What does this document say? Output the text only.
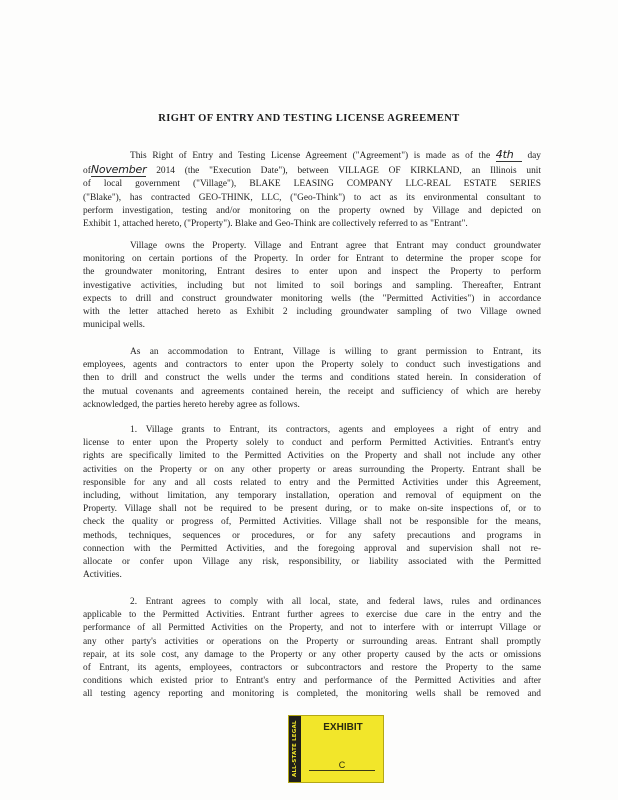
RIGHT OF ENTRY AND TESTING LICENSE AGREEMENT
This Right of Entry and Testing License Agreement ("Agreement") is made as of the 4th day
ofNovember 2014 (the "Execution Date"), between VILLAGE OF KIRKLAND, an Illinois unit
of local government ("Village"), BLAKE LEASING COMPANY LLC-REAL ESTATE SERIES
("Blake"), has contracted GEO-THINK, LLC, ("Geo-Think") to act as its environmental consultant to
perform investigation, testing and/or monitoring on the property owned by Village and depicted on
Exhibit 1, attached hereto, ("Property"). Blake and Geo-Think are collectively referred to as "Entrant".
Village owns the Property. Village and Entrant agree that Entrant may conduct groundwater
monitoring on certain portions of the Property. In order for Entrant to determine the proper scope for
the groundwater monitoring, Entrant desires to enter upon and inspect the Property to perform
investigative activities, including but not limited to soil borings and sampling. Thereafter, Entrant
expects to drill and construct groundwater monitoring wells (the "Permitted Activities") in accordance
with the letter attached hereto as Exhibit 2 including groundwater sampling of two Village owned
municipal wells.
As an accommodation to Entrant, Village is willing to grant permission to Entrant, its
employees, agents and contractors to enter upon the Property solely to conduct such investigations and
then to drill and construct the wells under the terms and conditions stated herein. In consideration of
the mutual covenants and agreements contained herein, the receipt and sufficiency of which are hereby
acknowledged, the parties hereto hereby agree as follows.
1. Village grants to Entrant, its contractors, agents and employees a right of entry and
license to enter upon the Property solely to conduct and perform Permitted Activities. Entrant's entry
rights are specifically limited to the Permitted Activities on the Property and shall not include any other
activities on the Property or on any other property or areas surrounding the Property. Entrant shall be
responsible for any and all costs related to entry and the Permitted Activities under this Agreement,
including, without limitation, any temporary installation, operation and removal of equipment on the
Property. Village shall not be required to be present during, or to make on-site inspections of, or to
check the quality or progress of, Permitted Activities. Village shall not be responsible for the means,
methods, techniques, sequences or procedures, or for any safety precautions and programs in
connection with the Permitted Activities, and the foregoing approval and supervision shall not re-
allocate or confer upon Village any risk, responsibility, or liability associated with the Permitted
Activities.
2. Entrant agrees to comply with all local, state, and federal laws, rules and ordinances
applicable to the Permitted Activities. Entrant further agrees to exercise due care in the entry and the
performance of all Permitted Activities on the Property, and not to interfere with or interrupt Village or
any other party's activities or operations on the Property or surrounding areas. Entrant shall promptly
repair, at its sole cost, any damage to the Property or any other property caused by the acts or omissions
of Entrant, its agents, employees, contractors or subcontractors and restore the Property to the same
conditions which existed prior to Entrant's entry and performance of the Permitted Activities and after
all testing agency reporting and monitoring is completed, the monitoring wells shall be removed and
ALL-STATE LEGAL	EXHIBIT
C
